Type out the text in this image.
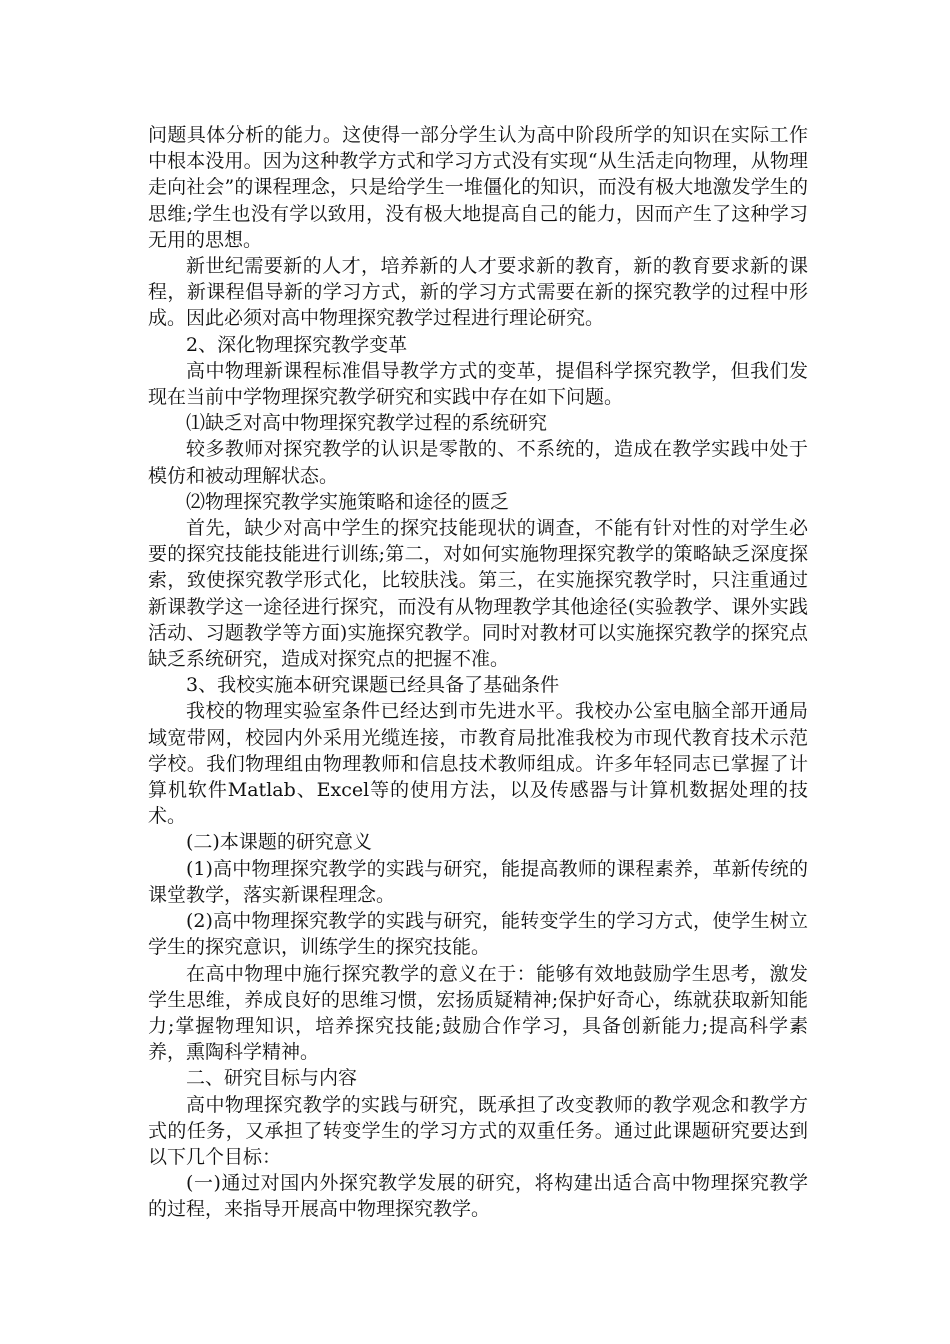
问题具体分析的能力。这使得一部分学生认为高中阶段所学的知识在实际工作中根本没用。因为这种教学方式和学习方式没有实现“从生活走向物理，从物理走向社会”的课程理念，只是给学生一堆僵化的知识，而没有极大地激发学生的思维;学生也没有学以致用，没有极大地提高自己的能力，因而产生了这种学习无用的思想。

新世纪需要新的人才，培养新的人才要求新的教育，新的教育要求新的课程，新课程倡导新的学习方式，新的学习方式需要在新的探究教学的过程中形成。因此必须对高中物理探究教学过程进行理论研究。

2、深化物理探究教学变革

高中物理新课程标准倡导教学方式的变革，提倡科学探究教学，但我们发现在当前中学物理探究教学研究和实践中存在如下问题。

⑴缺乏对高中物理探究教学过程的系统研究

较多教师对探究教学的认识是零散的、不系统的，造成在教学实践中处于模仿和被动理解状态。

⑵物理探究教学实施策略和途径的匮乏

首先，缺少对高中学生的探究技能现状的调查，不能有针对性的对学生必要的探究技能技能进行训练;第二，对如何实施物理探究教学的策略缺乏深度探索，致使探究教学形式化，比较肤浅。第三，在实施探究教学时，只注重通过新课教学这一途径进行探究，而没有从物理教学其他途径(实验教学、课外实践活动、习题教学等方面)实施探究教学。同时对教材可以实施探究教学的探究点缺乏系统研究，造成对探究点的把握不准。

3、我校实施本研究课题已经具备了基础条件

我校的物理实验室条件已经达到市先进水平。我校办公室电脑全部开通局域宽带网，校园内外采用光缆连接，市教育局批准我校为市现代教育技术示范学校。我们物理组由物理教师和信息技术教师组成。许多年轻同志已掌握了计算机软件Matlab、Excel等的使用方法，以及传感器与计算机数据处理的技术。

(二)本课题的研究意义

(1)高中物理探究教学的实践与研究，能提高教师的课程素养，革新传统的课堂教学，落实新课程理念。

(2)高中物理探究教学的实践与研究，能转变学生的学习方式，使学生树立学生的探究意识，训练学生的探究技能。

在高中物理中施行探究教学的意义在于：能够有效地鼓励学生思考，激发学生思维，养成良好的思维习惯，宏扬质疑精神;保护好奇心，练就获取新知能力;掌握物理知识，培养探究技能;鼓励合作学习，具备创新能力;提高科学素养，熏陶科学精神。

二、研究目标与内容

高中物理探究教学的实践与研究，既承担了改变教师的教学观念和教学方式的任务，又承担了转变学生的学习方式的双重任务。通过此课题研究要达到以下几个目标：

(一)通过对国内外探究教学发展的研究，将构建出适合高中物理探究教学的过程，来指导开展高中物理探究教学。
